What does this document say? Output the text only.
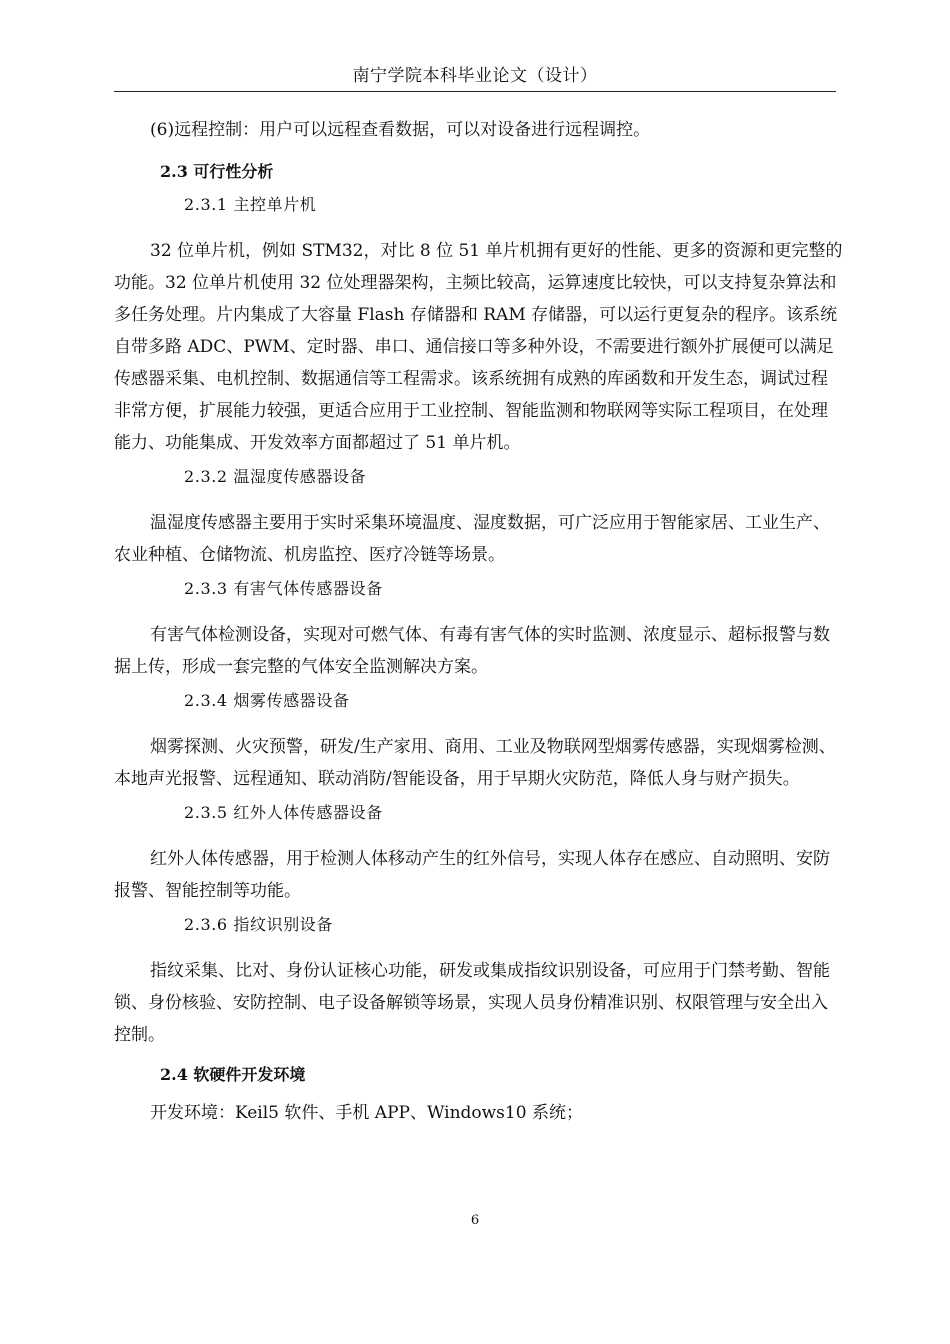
南宁学院本科毕业论文（设计）

(6)远程控制：用户可以远程查看数据，可以对设备进行远程调控。

2.3 可行性分析

2.3.1 主控单片机

32 位单片机，例如 STM32，对比 8 位 51 单片机拥有更好的性能、更多的资源和更完整的功能。32 位单片机使用 32 位处理器架构，主频比较高，运算速度比较快，可以支持复杂算法和多任务处理。片内集成了大容量 Flash 存储器和 RAM 存储器，可以运行更复杂的程序。该系统自带多路 ADC、PWM、定时器、串口、通信接口等多种外设，不需要进行额外扩展便可以满足传感器采集、电机控制、数据通信等工程需求。该系统拥有成熟的库函数和开发生态，调试过程非常方便，扩展能力较强，更适合应用于工业控制、智能监测和物联网等实际工程项目，在处理能力、功能集成、开发效率方面都超过了 51 单片机。

2.3.2 温湿度传感器设备

温湿度传感器主要用于实时采集环境温度、湿度数据，可广泛应用于智能家居、工业生产、农业种植、仓储物流、机房监控、医疗冷链等场景。

2.3.3 有害气体传感器设备

有害气体检测设备，实现对可燃气体、有毒有害气体的实时监测、浓度显示、超标报警与数据上传，形成一套完整的气体安全监测解决方案。

2.3.4 烟雾传感器设备

烟雾探测、火灾预警，研发/生产家用、商用、工业及物联网型烟雾传感器，实现烟雾检测、本地声光报警、远程通知、联动消防/智能设备，用于早期火灾防范，降低人身与财产损失。

2.3.5 红外人体传感器设备

红外人体传感器，用于检测人体移动产生的红外信号，实现人体存在感应、自动照明、安防报警、智能控制等功能。

2.3.6 指纹识别设备

指纹采集、比对、身份认证核心功能，研发或集成指纹识别设备，可应用于门禁考勤、智能锁、身份核验、安防控制、电子设备解锁等场景，实现人员身份精准识别、权限管理与安全出入控制。

2.4 软硬件开发环境

开发环境：Keil5 软件、手机 APP、Windows10 系统；

6
